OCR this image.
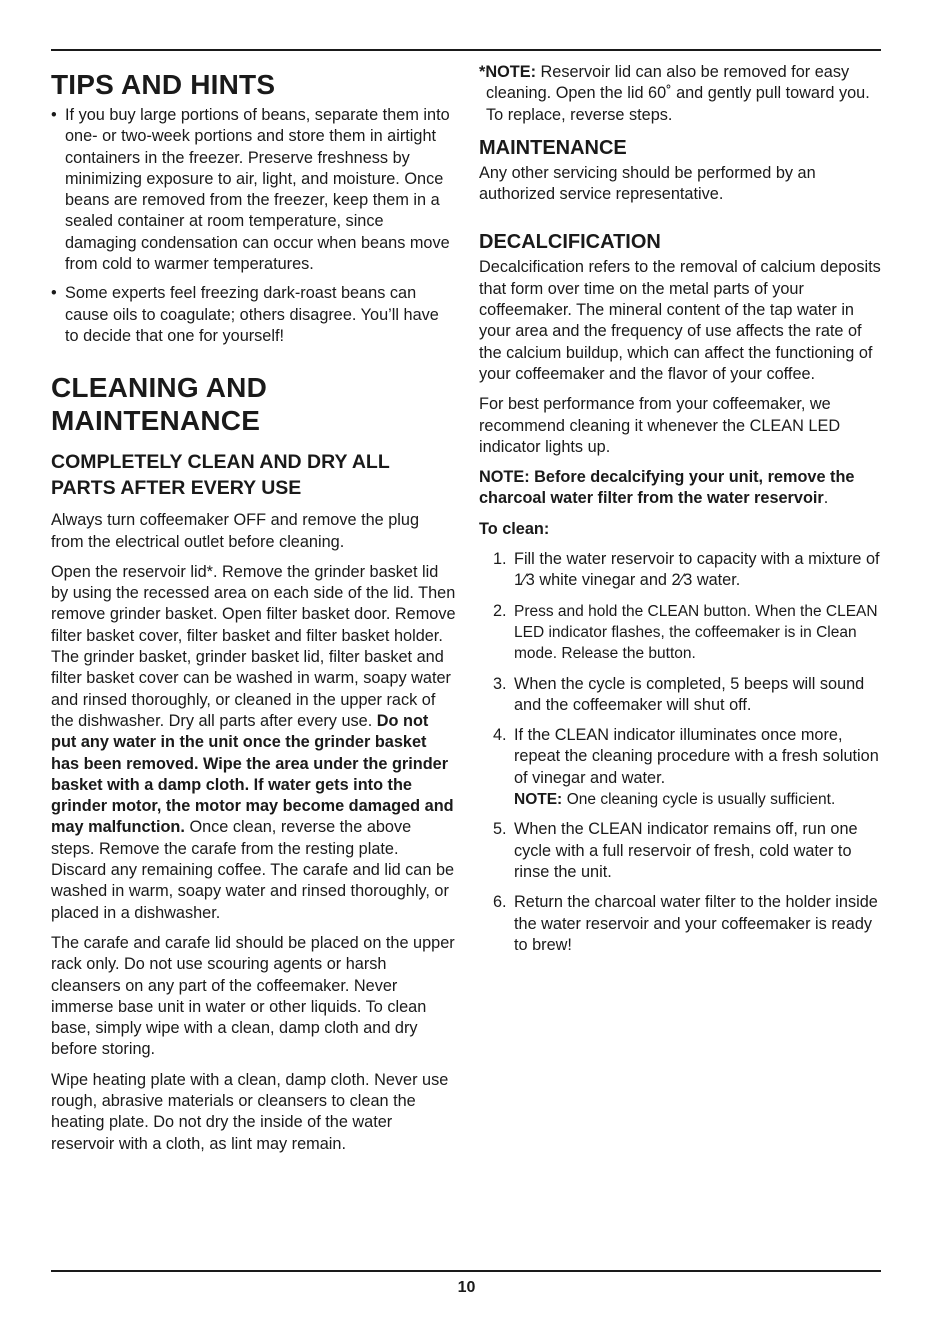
TIPS AND HINTS
• If you buy large portions of beans, separate them into one- or two-week portions and store them in airtight containers in the freezer. Preserve freshness by minimizing exposure to air, light, and moisture. Once beans are removed from the freezer, keep them in a sealed container at room temperature, since damaging condensation can occur when beans move from cold to warmer temperatures.
• Some experts feel freezing dark-roast beans can cause oils to coagulate; others disagree. You’ll have to decide that one for yourself!
CLEANING AND MAINTENANCE
COMPLETELY CLEAN AND DRY ALL PARTS AFTER EVERY USE

Always turn coffeemaker OFF and remove the plug from the electrical outlet before cleaning.

Open the reservoir lid*. Remove the grinder basket lid by using the recessed area on each side of the lid. Then remove grinder basket. Open filter basket door. Remove filter basket cover, filter basket and filter basket holder. The grinder basket, grinder basket lid, filter basket and filter basket cover can be washed in warm, soapy water and rinsed thoroughly, or cleaned in the upper rack of the dishwasher. Dry all parts after every use. Do not put any water in the unit once the grinder basket has been removed. Wipe the area under the grinder basket with a damp cloth. If water gets into the grinder motor, the motor may become damaged and may malfunction. Once clean, reverse the above steps. Remove the carafe from the resting plate. Discard any remaining coffee. The carafe and lid can be washed in warm, soapy water and rinsed thoroughly, or placed in a dishwasher.

The carafe and carafe lid should be placed on the upper rack only. Do not use scouring agents or harsh cleansers on any part of the coffeemaker. Never immerse base unit in water or other liquids. To clean base, simply wipe with a clean, damp cloth and dry before storing.

Wipe heating plate with a clean, damp cloth. Never use rough, abrasive materials or cleansers to clean the heating plate. Do not dry the inside of the water reservoir with a cloth, as lint may remain.

*NOTE: Reservoir lid can also be removed for easy cleaning. Open the lid 60˚ and gently pull toward you. To replace, reverse steps.

MAINTENANCE

Any other servicing should be performed by an authorized service representative.

DECALCIFICATION

Decalcification refers to the removal of calcium deposits that form over time on the metal parts of your coffeemaker. The mineral content of the tap water in your area and the frequency of use affects the rate of the calcium buildup, which can affect the functioning of your coffeemaker and the flavor of your coffee.

For best performance from your coffeemaker, we recommend cleaning it whenever the CLEAN LED indicator lights up.

NOTE: Before decalcifying your unit, remove the charcoal water filter from the water reservoir.

To clean:

1. Fill the water reservoir to capacity with a mixture of 1⁄3 white vinegar and 2⁄3 water.
2. Press and hold the CLEAN button. When the CLEAN LED indicator flashes, the coffeemaker is in Clean mode. Release the button.
3. When the cycle is completed, 5 beeps will sound and the coffeemaker will shut off.
4. If the CLEAN indicator illuminates once more, repeat the cleaning procedure with a fresh solution of vinegar and water.
NOTE: One cleaning cycle is usually sufficient.
5. When the CLEAN indicator remains off, run one cycle with a full reservoir of fresh, cold water to rinse the unit.
6. Return the charcoal water filter to the holder inside the water reservoir and your coffeemaker is ready to brew!
10
